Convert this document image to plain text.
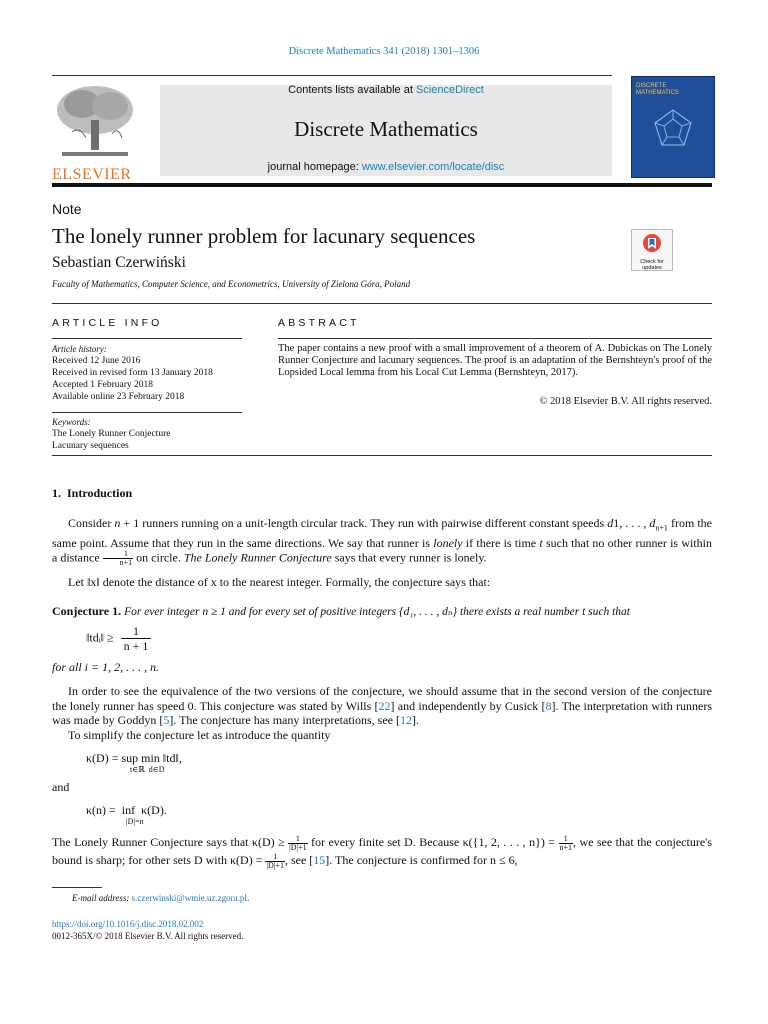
Discrete Mathematics 341 (2018) 1301–1306
ELSEVIER
Contents lists available at ScienceDirect
Discrete Mathematics
journal homepage: www.elsevier.com/locate/disc
DISCRETE MATHEMATICS
Note
The lonely runner problem for lacunary sequences
Sebastian Czerwiński
Faculty of Mathematics, Computer Science, and Econometrics, University of Zielona Góra, Poland
Check for updates
ARTICLE INFO
Article history:
Received 12 June 2016
Received in revised form 13 January 2018
Accepted 1 February 2018
Available online 23 February 2018
Keywords:
The Lonely Runner Conjecture
Lacunary sequences
ABSTRACT
The paper contains a new proof with a small improvement of a theorem of A. Dubickas on The Lonely Runner Conjecture and lacunary sequences. The proof is an adaptation of the Bernshteyn's proof of the Lopsided Local lemma from his Local Cut Lemma (Bernshteyn, 2017).
© 2018 Elsevier B.V. All rights reserved.
1.  Introduction
Consider n + 1 runners running on a unit-length circular track. They run with pairwise different constant speeds d1, . . . , $d_{n+1}$ from the same point. Assume that they run in the same directions. We say that runner is lonely if there is time t such that no other runner is within a distance $\frac{1}{n+1}$ on circle. The Lonely Runner Conjecture says that every runner is lonely.
Let ‖x‖ denote the distance of x to the nearest integer. Formally, the conjecture says that:
Conjecture 1. For ever integer n ≥ 1 and for every set of positive integers {d₁, . . . , dₙ} there exists a real number t such that
‖tdᵢ‖ ≥ $\frac{1}{n + 1}$
for all i = 1, 2, . . . , n.
In order to see the equivalence of the two versions of the conjecture, we should assume that in the second version of the conjecture the lonely runner has speed 0. This conjecture was stated by Wills [22] and independently by Cusick [8]. The interpretation with runners was made by Goddyn [5]. The conjecture has many interpretations, see [12].
To simplify the conjecture let as introduce the quantity
κ(D) = sup min ‖td‖,
t∈ℝ  d∈D
and
κ(n) =  inf  κ(D).
|D|=n
The Lonely Runner Conjecture says that $\kappa(D) \ge \frac{1}{|D|+1}$ for every finite set D. Because κ({1, 2, . . . , $n\}) = \frac{1}{n+1}$ , we see that the conjecture's bound is sharp; for other sets D with $\kappa(D) = \frac{1}{|D|+1}$ , see [15]. The conjecture is confirmed for n ≤ 6,
E-mail address: s.czerwinski@wmie.uz.zgora.pl.
https://doi.org/10.1016/j.disc.2018.02.002
0012-365X/© 2018 Elsevier B.V. All rights reserved.
